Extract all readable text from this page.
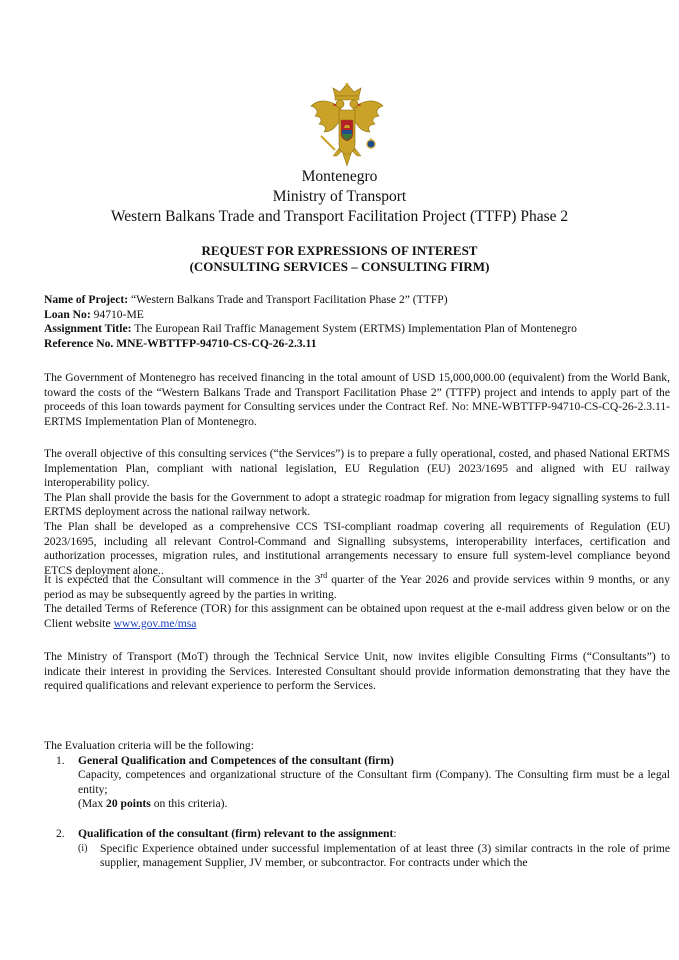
Montenegro
Ministry of Transport
Western Balkans Trade and Transport Facilitation Project (TTFP) Phase 2
REQUEST FOR EXPRESSIONS OF INTEREST
(CONSULTING SERVICES – CONSULTING FIRM)
Name of Project: “Western Balkans Trade and Transport Facilitation Phase 2” (TTFP)
Loan No: 94710-ME
Assignment Title: The European Rail Traffic Management System (ERTMS) Implementation Plan of Montenegro
Reference No. MNE-WBTTFP-94710-CS-CQ-26-2.3.11
The Government of Montenegro has received financing in the total amount of USD 15,000,000.00 (equivalent) from the World Bank, toward the costs of the “Western Balkans Trade and Transport Facilitation Phase 2” (TTFP) project and intends to apply part of the proceeds of this loan towards payment for Consulting services under the Contract Ref. No: MNE-WBTTFP-94710-CS-CQ-26-2.3.11- ERTMS Implementation Plan of Montenegro.
The overall objective of this consulting services (“the Services”) is to prepare a fully operational, costed, and phased National ERTMS Implementation Plan, compliant with national legislation, EU Regulation (EU) 2023/1695 and aligned with EU railway interoperability policy.
The Plan shall provide the basis for the Government to adopt a strategic roadmap for migration from legacy signalling systems to full ERTMS deployment across the national railway network.
The Plan shall be developed as a comprehensive CCS TSI-compliant roadmap covering all requirements of Regulation (EU) 2023/1695, including all relevant Control-Command and Signalling subsystems, interoperability interfaces, certification and authorization processes, migration rules, and institutional arrangements necessary to ensure full system-level compliance beyond ETCS deployment alone..
It is expected that the Consultant will commence in the 3rd quarter of the Year 2026 and provide services within 9 months, or any period as may be subsequently agreed by the parties in writing.
The detailed Terms of Reference (TOR) for this assignment can be obtained upon request at the e-mail address given below or on the Client website www.gov.me/msa
The Ministry of Transport (MoT) through the Technical Service Unit, now invites eligible Consulting Firms (“Consultants”) to indicate their interest in providing the Services. Interested Consultant should provide information demonstrating that they have the required qualifications and relevant experience to perform the Services.
The Evaluation criteria will be the following:
1. General Qualification and Competences of the consultant (firm)
Capacity, competences and organizational structure of the Consultant firm (Company). The Consulting firm must be a legal entity;
(Max 20 points on this criteria).
2. Qualification of the consultant (firm) relevant to the assignment:
(i) Specific Experience obtained under successful implementation of at least three (3) similar contracts in the role of prime supplier, management Supplier, JV member, or subcontractor. For contracts under which the
